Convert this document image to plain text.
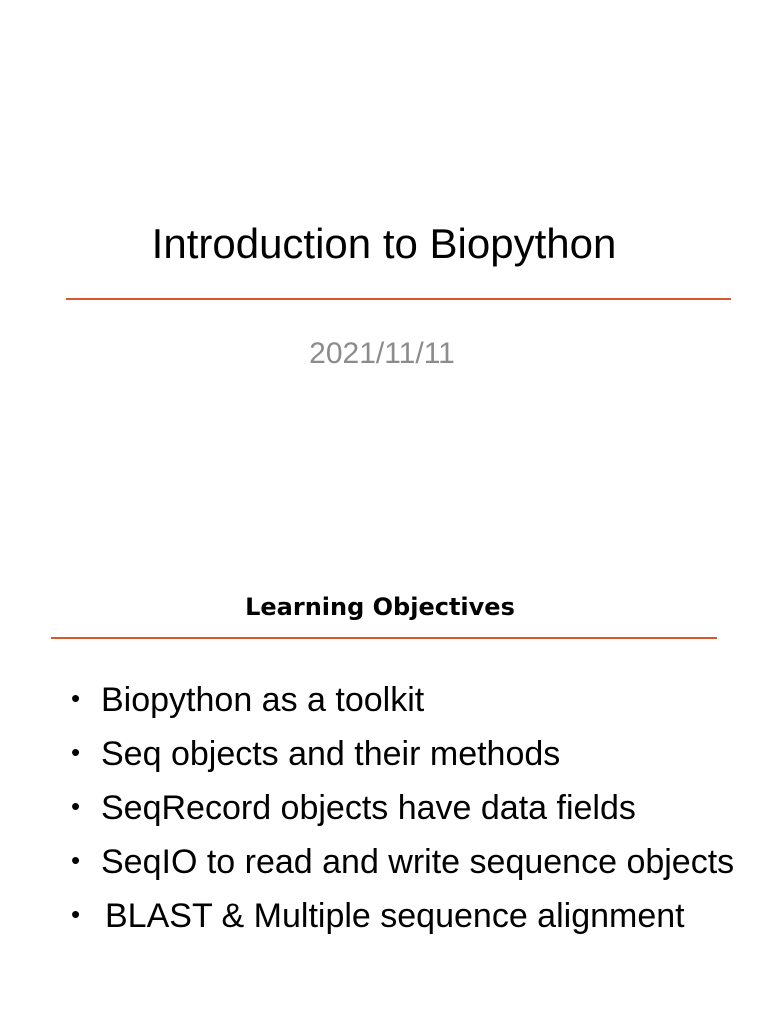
Introduction to Biopython
2021/11/11
Learning Objectives
• Biopython as a toolkit
• Seq objects and their methods
• SeqRecord objects have data fields
• SeqIO to read and write sequence objects
• BLAST & Multiple sequence alignment
